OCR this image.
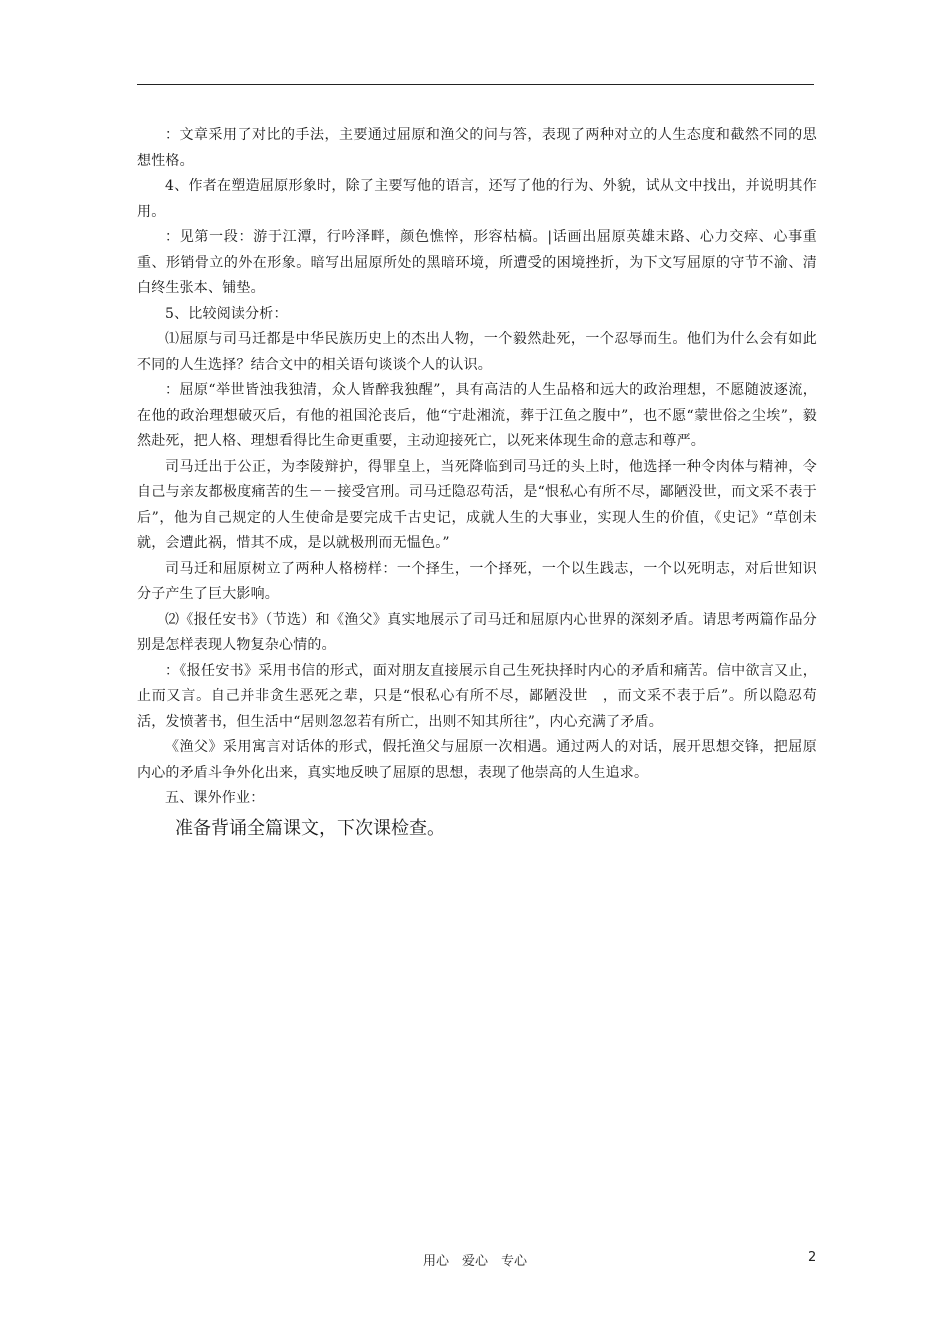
：文章采用了对比的手法，主要通过屈原和渔父的问与答，表现了两种对立的人生态度和截然不同的思想性格。

4、作者在塑造屈原形象时，除了主要写他的语言，还写了他的行为、外貌，试从文中找出，并说明其作用。

：见第一段：游于江潭，行吟泽畔，颜色憔悴，形容枯槁。|话画出屈原英雄末路、心力交瘁、心事重重、形销骨立的外在形象。暗写出屈原所处的黑暗环境，所遭受的困境挫折，为下文写屈原的守节不渝、清白终生张本、铺垫。

5、比较阅读分析：

⑴屈原与司马迁都是中华民族历史上的杰出人物，一个毅然赴死，一个忍辱而生。他们为什么会有如此不同的人生选择？结合文中的相关语句谈谈个人的认识。

：屈原“举世皆浊我独清，众人皆醉我独醒”，具有高洁的人生品格和远大的政治理想，不愿随波逐流，在他的政治理想破灭后，有他的祖国沦丧后，他“宁赴湘流，葬于江鱼之腹中”，也不愿“蒙世俗之尘埃”，毅然赴死，把人格、理想看得比生命更重要，主动迎接死亡，以死来体现生命的意志和尊严。

司马迁出于公正，为李陵辩护，得罪皇上，当死降临到司马迁的头上时，他选择一种令肉体与精神，令自己与亲友都极度痛苦的生－－接受宫刑。司马迁隐忍苟活，是“恨私心有所不尽，鄙陋没世，而文采不表于后”，他为自己规定的人生使命是要完成千古史记，成就人生的大事业，实现人生的价值，《史记》“草创未就，会遭此祸，惜其不成，是以就极刑而无愠色。”

司马迁和屈原树立了两种人格榜样：一个择生，一个择死，一个以生践志，一个以死明志，对后世知识分子产生了巨大影响。

⑵《报任安书》（节选）和《渔父》真实地展示了司马迁和屈原内心世界的深刻矛盾。请思考两篇作品分别是怎样表现人物复杂心情的。

：《报任安书》采用书信的形式，面对朋友直接展示自己生死抉择时内心的矛盾和痛苦。信中欲言又止，止而又言。自己并非贪生恶死之辈，只是“恨私心有所不尽，鄙陋没世　，而文采不表于后”。所以隐忍苟活，发愤著书，但生活中“居则忽忽若有所亡，出则不知其所往”，内心充满了矛盾。

《渔父》采用寓言对话体的形式，假托渔父与屈原一次相遇。通过两人的对话，展开思想交锋，把屈原内心的矛盾斗争外化出来，真实地反映了屈原的思想，表现了他崇高的人生追求。

五、课外作业：

准备背诵全篇课文，下次课检查。

用心　爱心　专心	2
